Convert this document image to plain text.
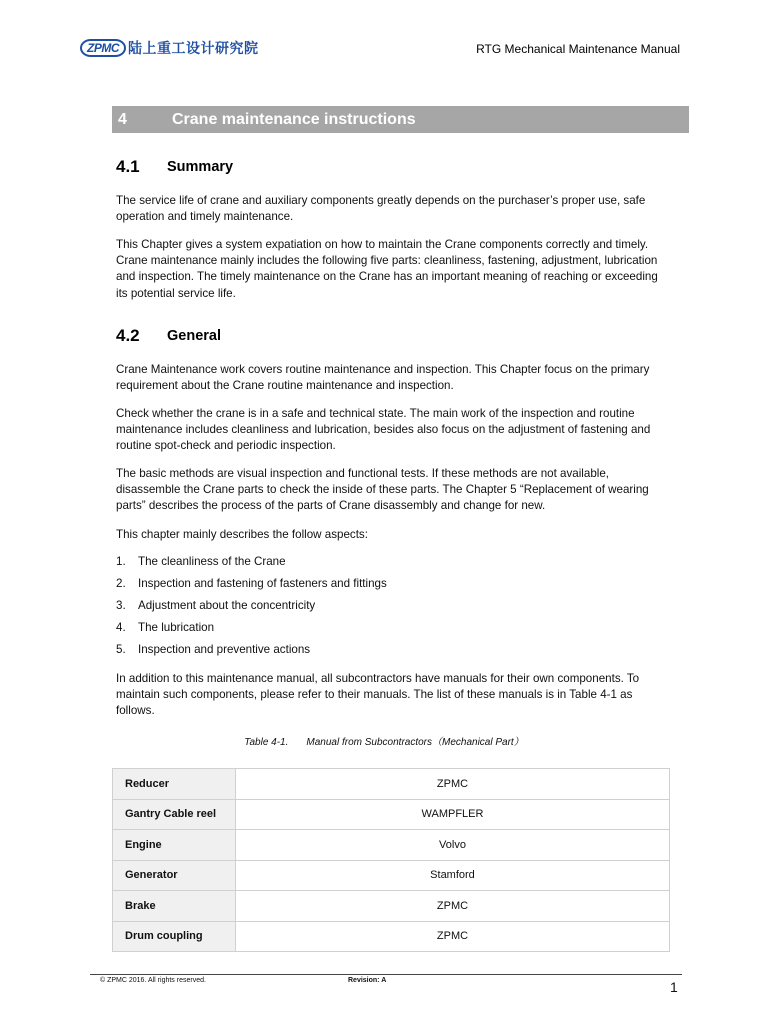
ZPMC 陆上重工设计研究院	RTG Mechanical Maintenance Manual
4	Crane maintenance instructions
4.1 Summary

The service life of crane and auxiliary components greatly depends on the purchaser’s proper use, safe operation and timely maintenance.

This Chapter gives a system expatiation on how to maintain the Crane components correctly and timely. Crane maintenance mainly includes the following five parts: cleanliness, fastening, adjustment, lubrication and inspection. The timely maintenance on the Crane has an important meaning of reaching or exceeding its potential service life.

4.2 General

Crane Maintenance work covers routine maintenance and inspection. This Chapter focus on the primary requirement about the Crane routine maintenance and inspection.

Check whether the crane is in a safe and technical state. The main work of the inspection and routine maintenance includes cleanliness and lubrication, besides also focus on the adjustment of fastening and routine spot-check and periodic inspection.

The basic methods are visual inspection and functional tests. If these methods are not available, disassemble the Crane parts to check the inside of these parts. The Chapter 5 “Replacement of wearing parts” describes the process of the parts of Crane disassembly and change for new.

This chapter mainly describes the follow aspects:

1.	The cleanliness of the Crane
2.	Inspection and fastening of fasteners and fittings
3.	Adjustment about the concentricity
4.	The lubrication
5.	Inspection and preventive actions

In addition to this maintenance manual, all subcontractors have manuals for their own components. To maintain such components, please refer to their manuals. The list of these manuals is in Table 4-1 as follows.

Table 4-1. Manual from Subcontractors（Mechanical Part）
Reducer	ZPMC
Gantry Cable reel	WAMPFLER
Engine	Volvo
Generator	Stamford
Brake	ZPMC
Drum coupling	ZPMC
© ZPMC 2016. All rights reserved.	Revision: A	1
